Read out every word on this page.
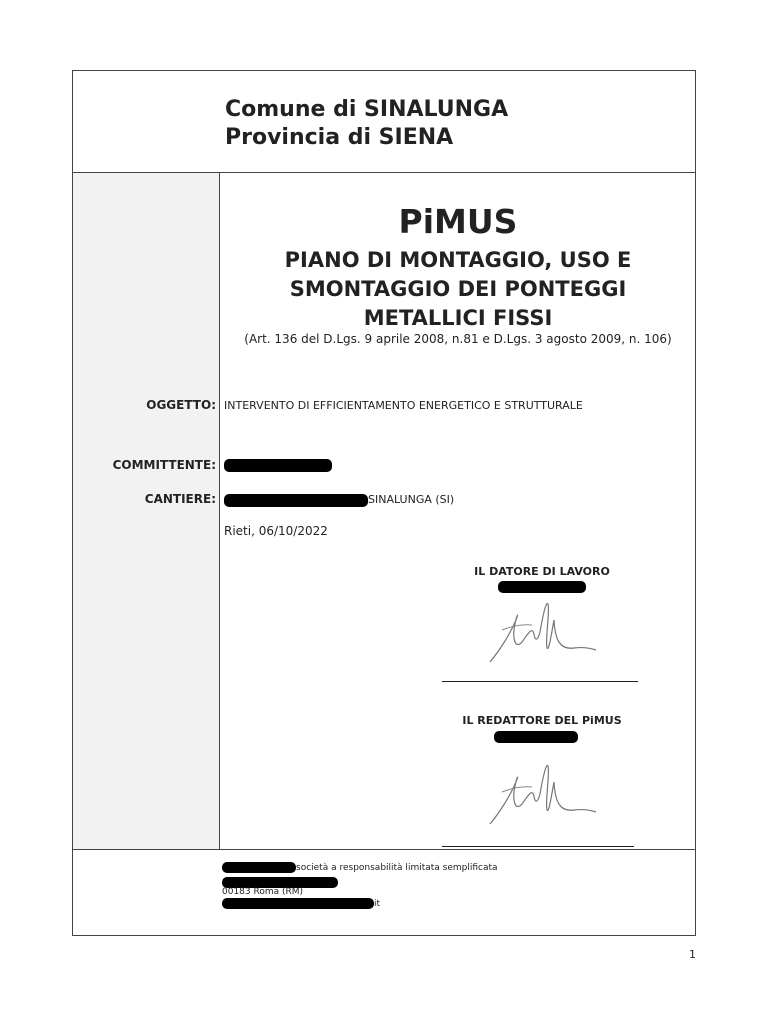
Comune di SINALUNGA
Provincia di SIENA
PiMUS
PIANO DI MONTAGGIO, USO E
SMONTAGGIO DEI PONTEGGI
METALLICI FISSI
(Art. 136 del D.Lgs. 9 aprile 2008, n.81 e D.Lgs. 3 agosto 2009, n. 106)
OGGETTO: INTERVENTO DI EFFICIENTAMENTO ENERGETICO E STRUTTURALE
COMMITTENTE:
CANTIERE:	SINALUNGA (SI)
Rieti, 06/10/2022
IL DATORE DI LAVORO
IL REDATTORE DEL PiMUS
società a responsabilità limitata semplificata
00183 Roma (RM)
it
1
